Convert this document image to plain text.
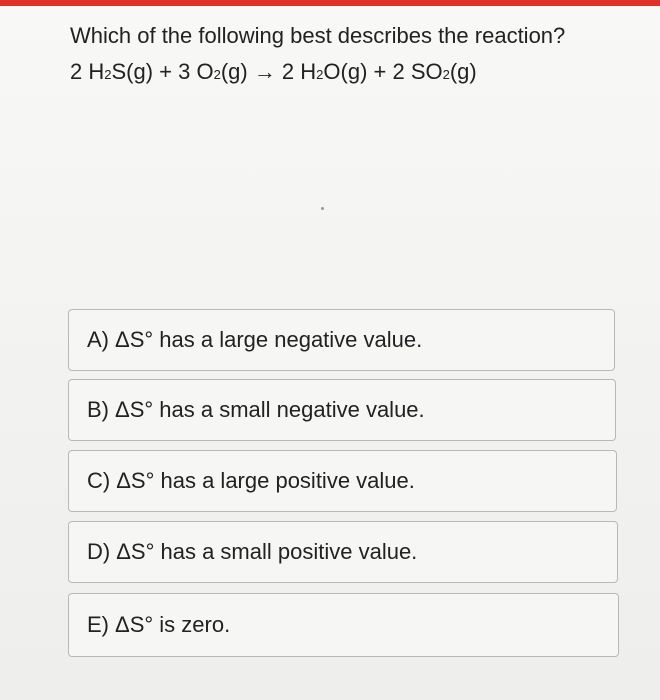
Which of the following best describes the reaction?
2 H2S(g) + 3 O2(g) → 2 H2O(g) + 2 SO2(g)
A) ΔS° has a large negative value.
B) ΔS° has a small negative value.
C) ΔS° has a large positive value.
D) ΔS° has a small positive value.
E) ΔS° is zero.
